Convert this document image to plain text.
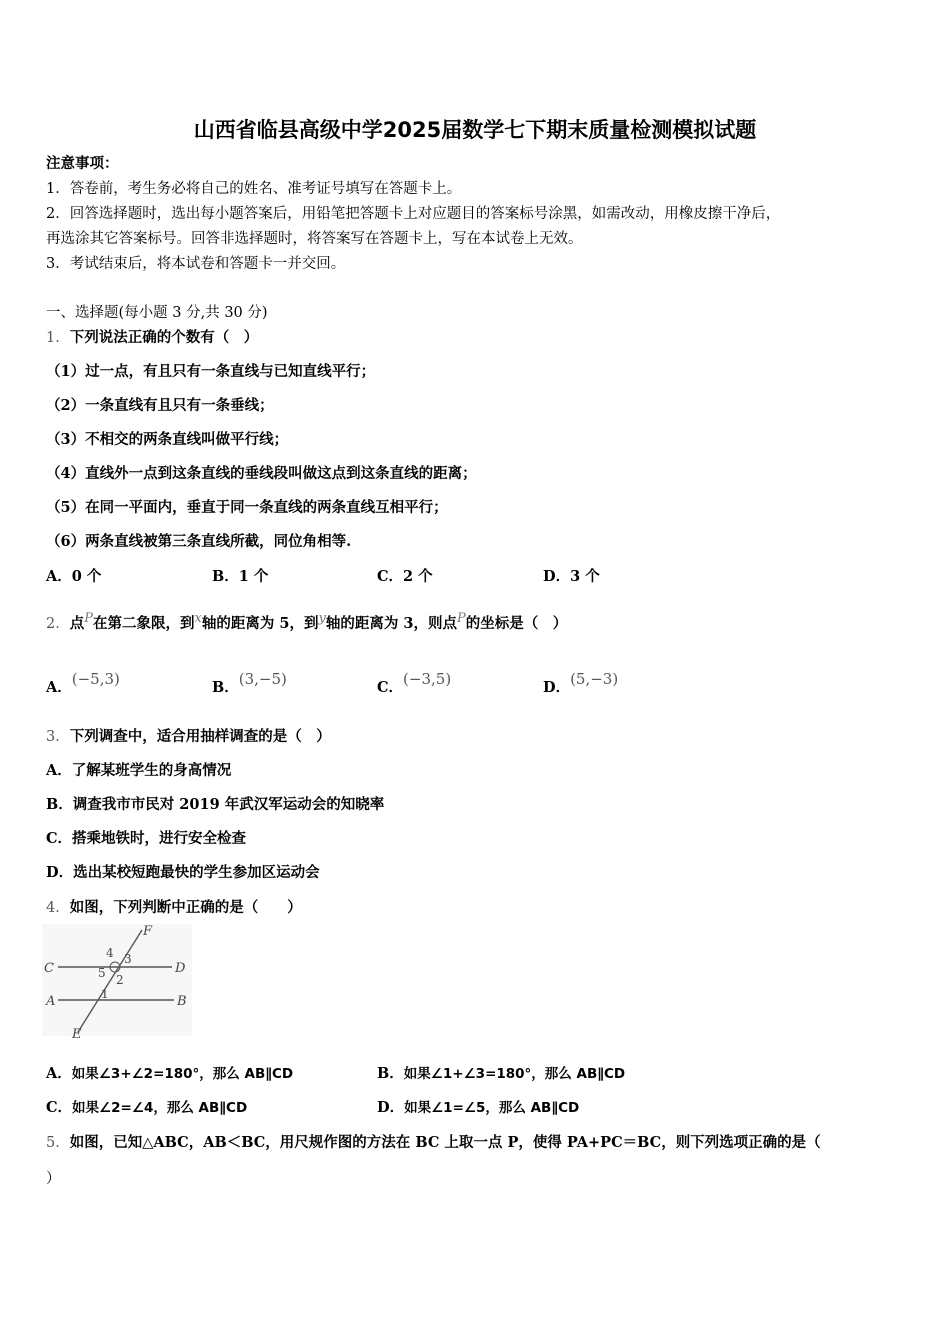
山西省临县高级中学2025届数学七下期末质量检测模拟试题
注意事项：
1．答卷前，考生务必将自己的姓名、准考证号填写在答题卡上。
2．回答选择题时，选出每小题答案后，用铅笔把答题卡上对应题目的答案标号涂黑，如需改动，用橡皮擦干净后，
再选涂其它答案标号。回答非选择题时，将答案写在答题卡上，写在本试卷上无效。
3．考试结束后，将本试卷和答题卡一并交回。
一、选择题(每小题 3 分,共 30 分)
1．下列说法正确的个数有（　）
（1）过一点，有且只有一条直线与已知直线平行；
（2）一条直线有且只有一条垂线；
（3）不相交的两条直线叫做平行线；
（4）直线外一点到这条直线的垂线段叫做这点到这条直线的距离；
（5）在同一平面内，垂直于同一条直线的两条直线互相平行；
（6）两条直线被第三条直线所截，同位角相等.
A．0 个	B．1 个	C．2 个	D．3 个
2．点P在第二象限，到x轴的距离为 5，到y轴的距离为 3，则点P的坐标是（　）
A．(−5,3)	B．(3,−5)	C．(−3,5)	D．(5,−3)
3．下列调查中，适合用抽样调查的是（　）
A．了解某班学生的身高情况
B．调查我市市民对 2019 年武汉军运动会的知晓率
C．搭乘地铁时，进行安全检查
D．选出某校短跑最快的学生参加区运动会
4．如图，下列判断中正确的是（　　）
F
E
C	D
A	B
4 3
5 2
1
A．如果∠3+∠2=180°，那么 AB∥CD	B．如果∠1+∠3=180°，那么 AB∥CD
C．如果∠2=∠4，那么 AB∥CD	D．如果∠1=∠5，那么 AB∥CD
5．如图，已知△ABC，AB＜BC，用尺规作图的方法在 BC 上取一点 P，使得 PA+PC＝BC，则下列选项正确的是（
）
